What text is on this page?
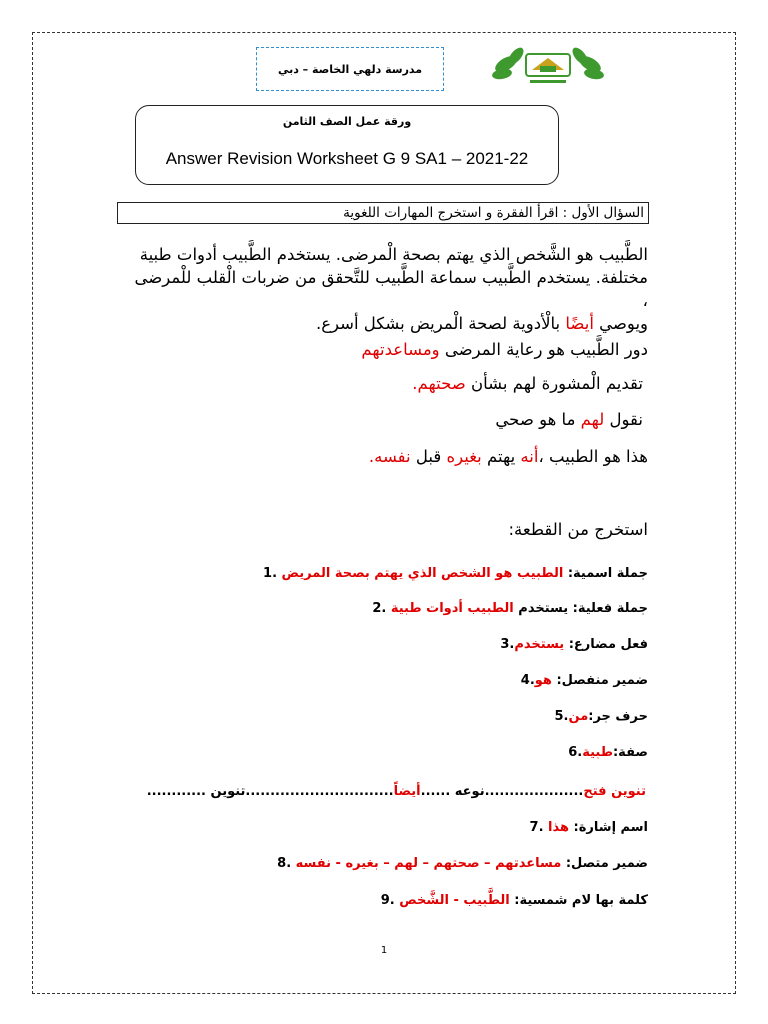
مدرسة دلهي الخاصة – دبي
ورقة عمل الصف الثامن
Answer Revision Worksheet G 9 SA1 – 2021-22
السؤال الأول : اقرأ الفقرة و استخرج المهارات اللغوية
الطَّبيب هو الشَّخص الذي يهتم بصحة الْمرضى. يستخدم الطَّبيب أدوات طبية
مختلفة. يستخدم الطَّبيب سماعة الطَّبيب للتَّحقق من ضربات الْقلب للْمرضى ،
ويوصي أيضًا بالْأدوية لصحة الْمريض بشكل أسرع.
دور الطَّبيب هو رعاية المرضى ومساعدتهم
تقديم الْمشورة لهم بشأن صحتهم.
نقول لهم ما هو صحي
هذا هو الطبيب ،أنه يهتم بغيره قبل نفسه.
استخرج من القطعة:
جملة اسمية: الطبيب هو الشخص الذي يهتم بصحة المريض .1
جملة فعلية: يستخدم الطبيب أدوات طبية .2
فعل مضارع: يستخدم.3
ضمير منفصل: هو.4
حرف جر:من.5
صفة:طبية.6
تنوين فتح....................نوعه ......أيضاً..............................تنوين ............
اسم إشارة: هذا .7
ضمير متصل: مساعدتهم – صحتهم – لهم – بغيره - نفسه .8
كلمة بها لام شمسية: الطَّبيب - الشَّخص .9
1
